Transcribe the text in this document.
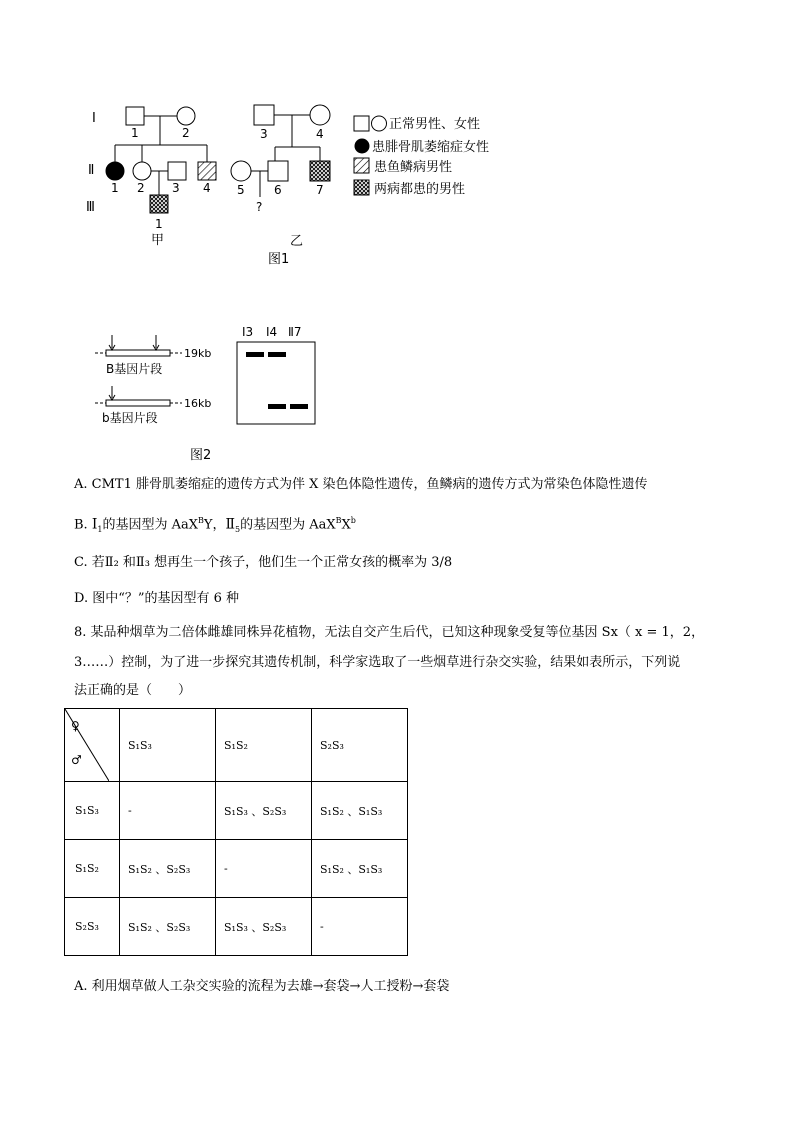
Ⅰ
Ⅱ
Ⅲ
1	2
1 2 3 4
1
甲
3	4
5 6	7
?
乙
图1
正常男性、女性
患腓骨肌萎缩症女性
患鱼鳞病男性
两病都患的男性
19kb
B基因片段
16kb
b基因片段
图2
Ⅰ3 Ⅰ4 Ⅱ7
A. CMT1 腓骨肌萎缩症的遗传方式为伴 X 染色体隐性遗传，鱼鳞病的遗传方式为常染色体隐性遗传
B. $Ⅰ_1$的基因型为 AaX$^B$Y，$Ⅱ_5$的基因型为 $AaX^BX^b$
C. 若Ⅱ₂ 和Ⅱ₃ 想再生一个孩子，他们生一个正常女孩的概率为 3/8
D. 图中“？”的基因型有 6 种
8. 某品种烟草为二倍体雌雄同株异花植物，无法自交产生后代，已知这种现象受复等位基因 Sx（ x = 1，2，
3……）控制，为了进一步探究其遗传机制，科学家选取了一些烟草进行杂交实验，结果如表所示，下列说
法正确的是（　　）
♀
♂	S₁S₃	S₁S₂	S₂S₃
S₁S₃	-	S₁S₃ 、S₂S₃	S₁S₂ 、S₁S₃
S₁S₂	S₁S₂ 、S₂S₃	-	S₁S₂ 、S₁S₃
S₂S₃	S₁S₂ 、S₂S₃	S₁S₃ 、S₂S₃	-
A. 利用烟草做人工杂交实验的流程为去雄→套袋→人工授粉→套袋
